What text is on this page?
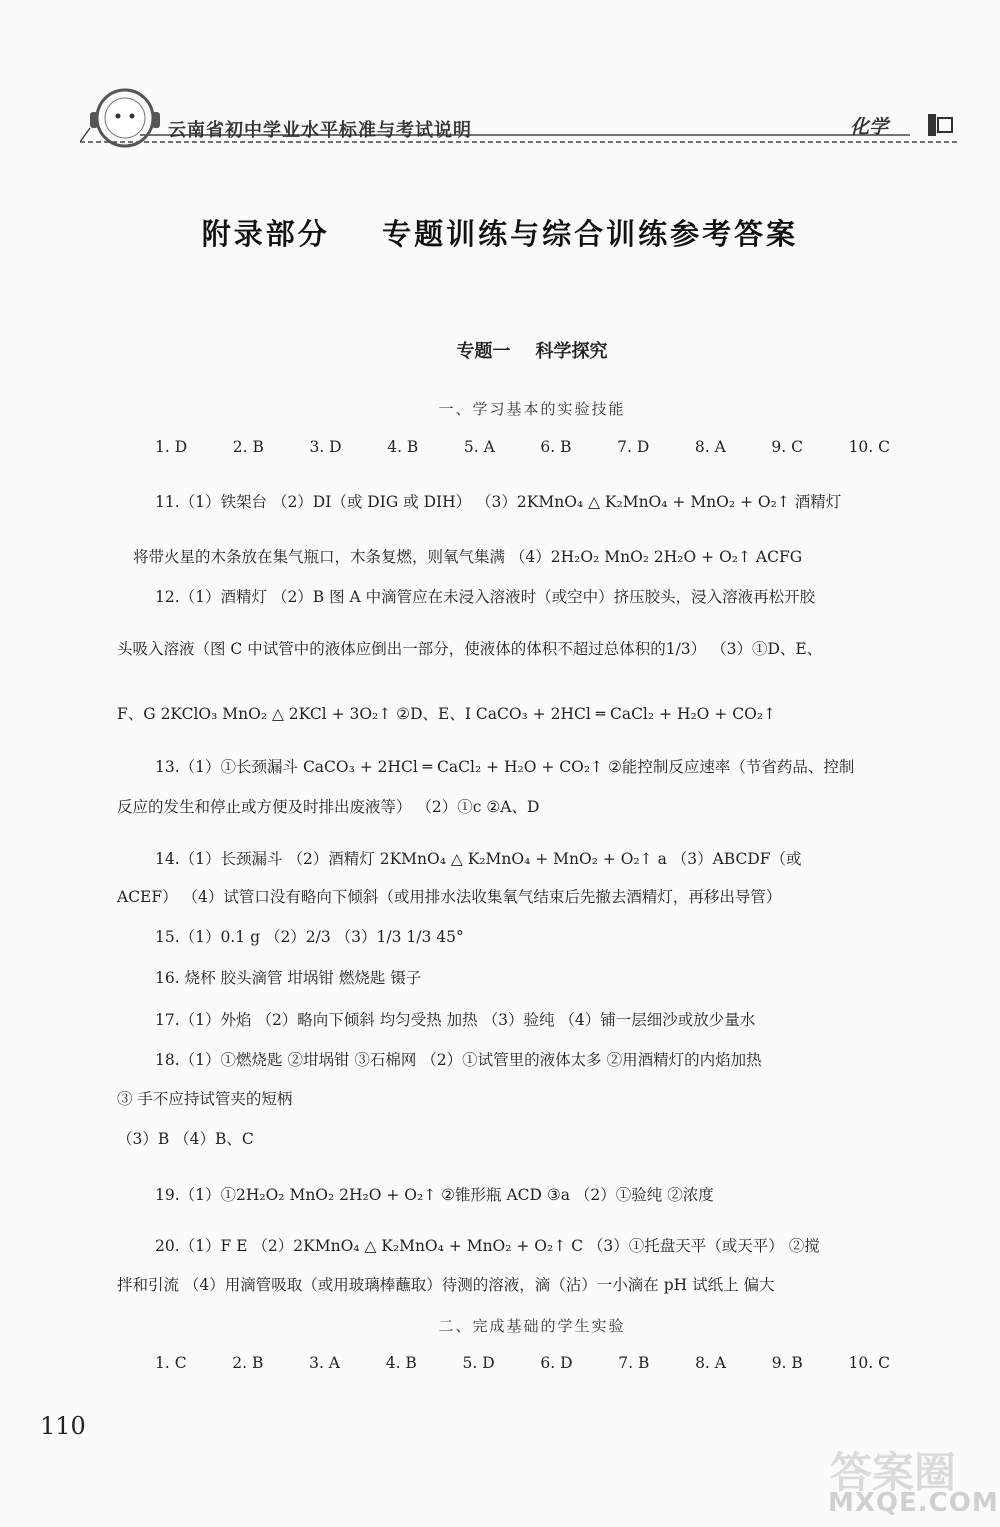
云南省初中学业水平标准与考试说明	化学
附录部分    专题训练与综合训练参考答案
专题一    科学探究
一、学习基本的实验技能
1. D	2. B	3. D	4. B	5. A	6. B	7. D	8. A	9. C	10. C
11.（1）铁架台 （2）DI（或 DIG 或 DIH） （3）2KMnO₄ △ K₂MnO₄ + MnO₂ + O₂↑ 酒精灯
将带火星的木条放在集气瓶口，木条复燃，则氧气集满 （4）2H₂O₂ MnO₂ 2H₂O + O₂↑ ACFG
12.（1）酒精灯 （2）B 图 A 中滴管应在未浸入溶液时（或空中）挤压胶头，浸入溶液再松开胶
头吸入溶液（图 C 中试管中的液体应倒出一部分，使液体的体积不超过总体积的1/3） （3）①D、E、
F、G 2KClO₃ MnO₂ △ 2KCl + 3O₂↑ ②D、E、I CaCO₃ + 2HCl ═ CaCl₂ + H₂O + CO₂↑
13.（1）①长颈漏斗 CaCO₃ + 2HCl ═ CaCl₂ + H₂O + CO₂↑ ②能控制反应速率（节省药品、控制
反应的发生和停止或方便及时排出废液等） （2）①c ②A、D
14.（1）长颈漏斗 （2）酒精灯 2KMnO₄ △ K₂MnO₄ + MnO₂ + O₂↑ a （3）ABCDF（或
ACEF） （4）试管口没有略向下倾斜（或用排水法收集氧气结束后先撤去酒精灯，再移出导管）
15.（1）0.1 g （2）2/3 （3）1/3 1/3 45°
16. 烧杯 胶头滴管 坩埚钳 燃烧匙 镊子
17.（1）外焰 （2）略向下倾斜 均匀受热 加热 （3）验纯 （4）铺一层细沙或放少量水
18.（1）①燃烧匙 ②坩埚钳 ③石棉网 （2）①试管里的液体太多 ②用酒精灯的内焰加热
③ 手不应持试管夹的短柄
（3）B （4）B、C
19.（1）①2H₂O₂ MnO₂ 2H₂O + O₂↑ ②锥形瓶 ACD ③a （2）①验纯 ②浓度
20.（1）F E （2）2KMnO₄ △ K₂MnO₄ + MnO₂ + O₂↑ C （3）①托盘天平（或天平） ②搅
拌和引流 （4）用滴管吸取（或用玻璃棒蘸取）待测的溶液，滴（沾）一小滴在 pH 试纸上 偏大
二、完成基础的学生实验
1. C	2. B	3. A	4. B	5. D	6. D	7. B	8. A	9. B	10. C
110
答案圈
MXQE.COM
